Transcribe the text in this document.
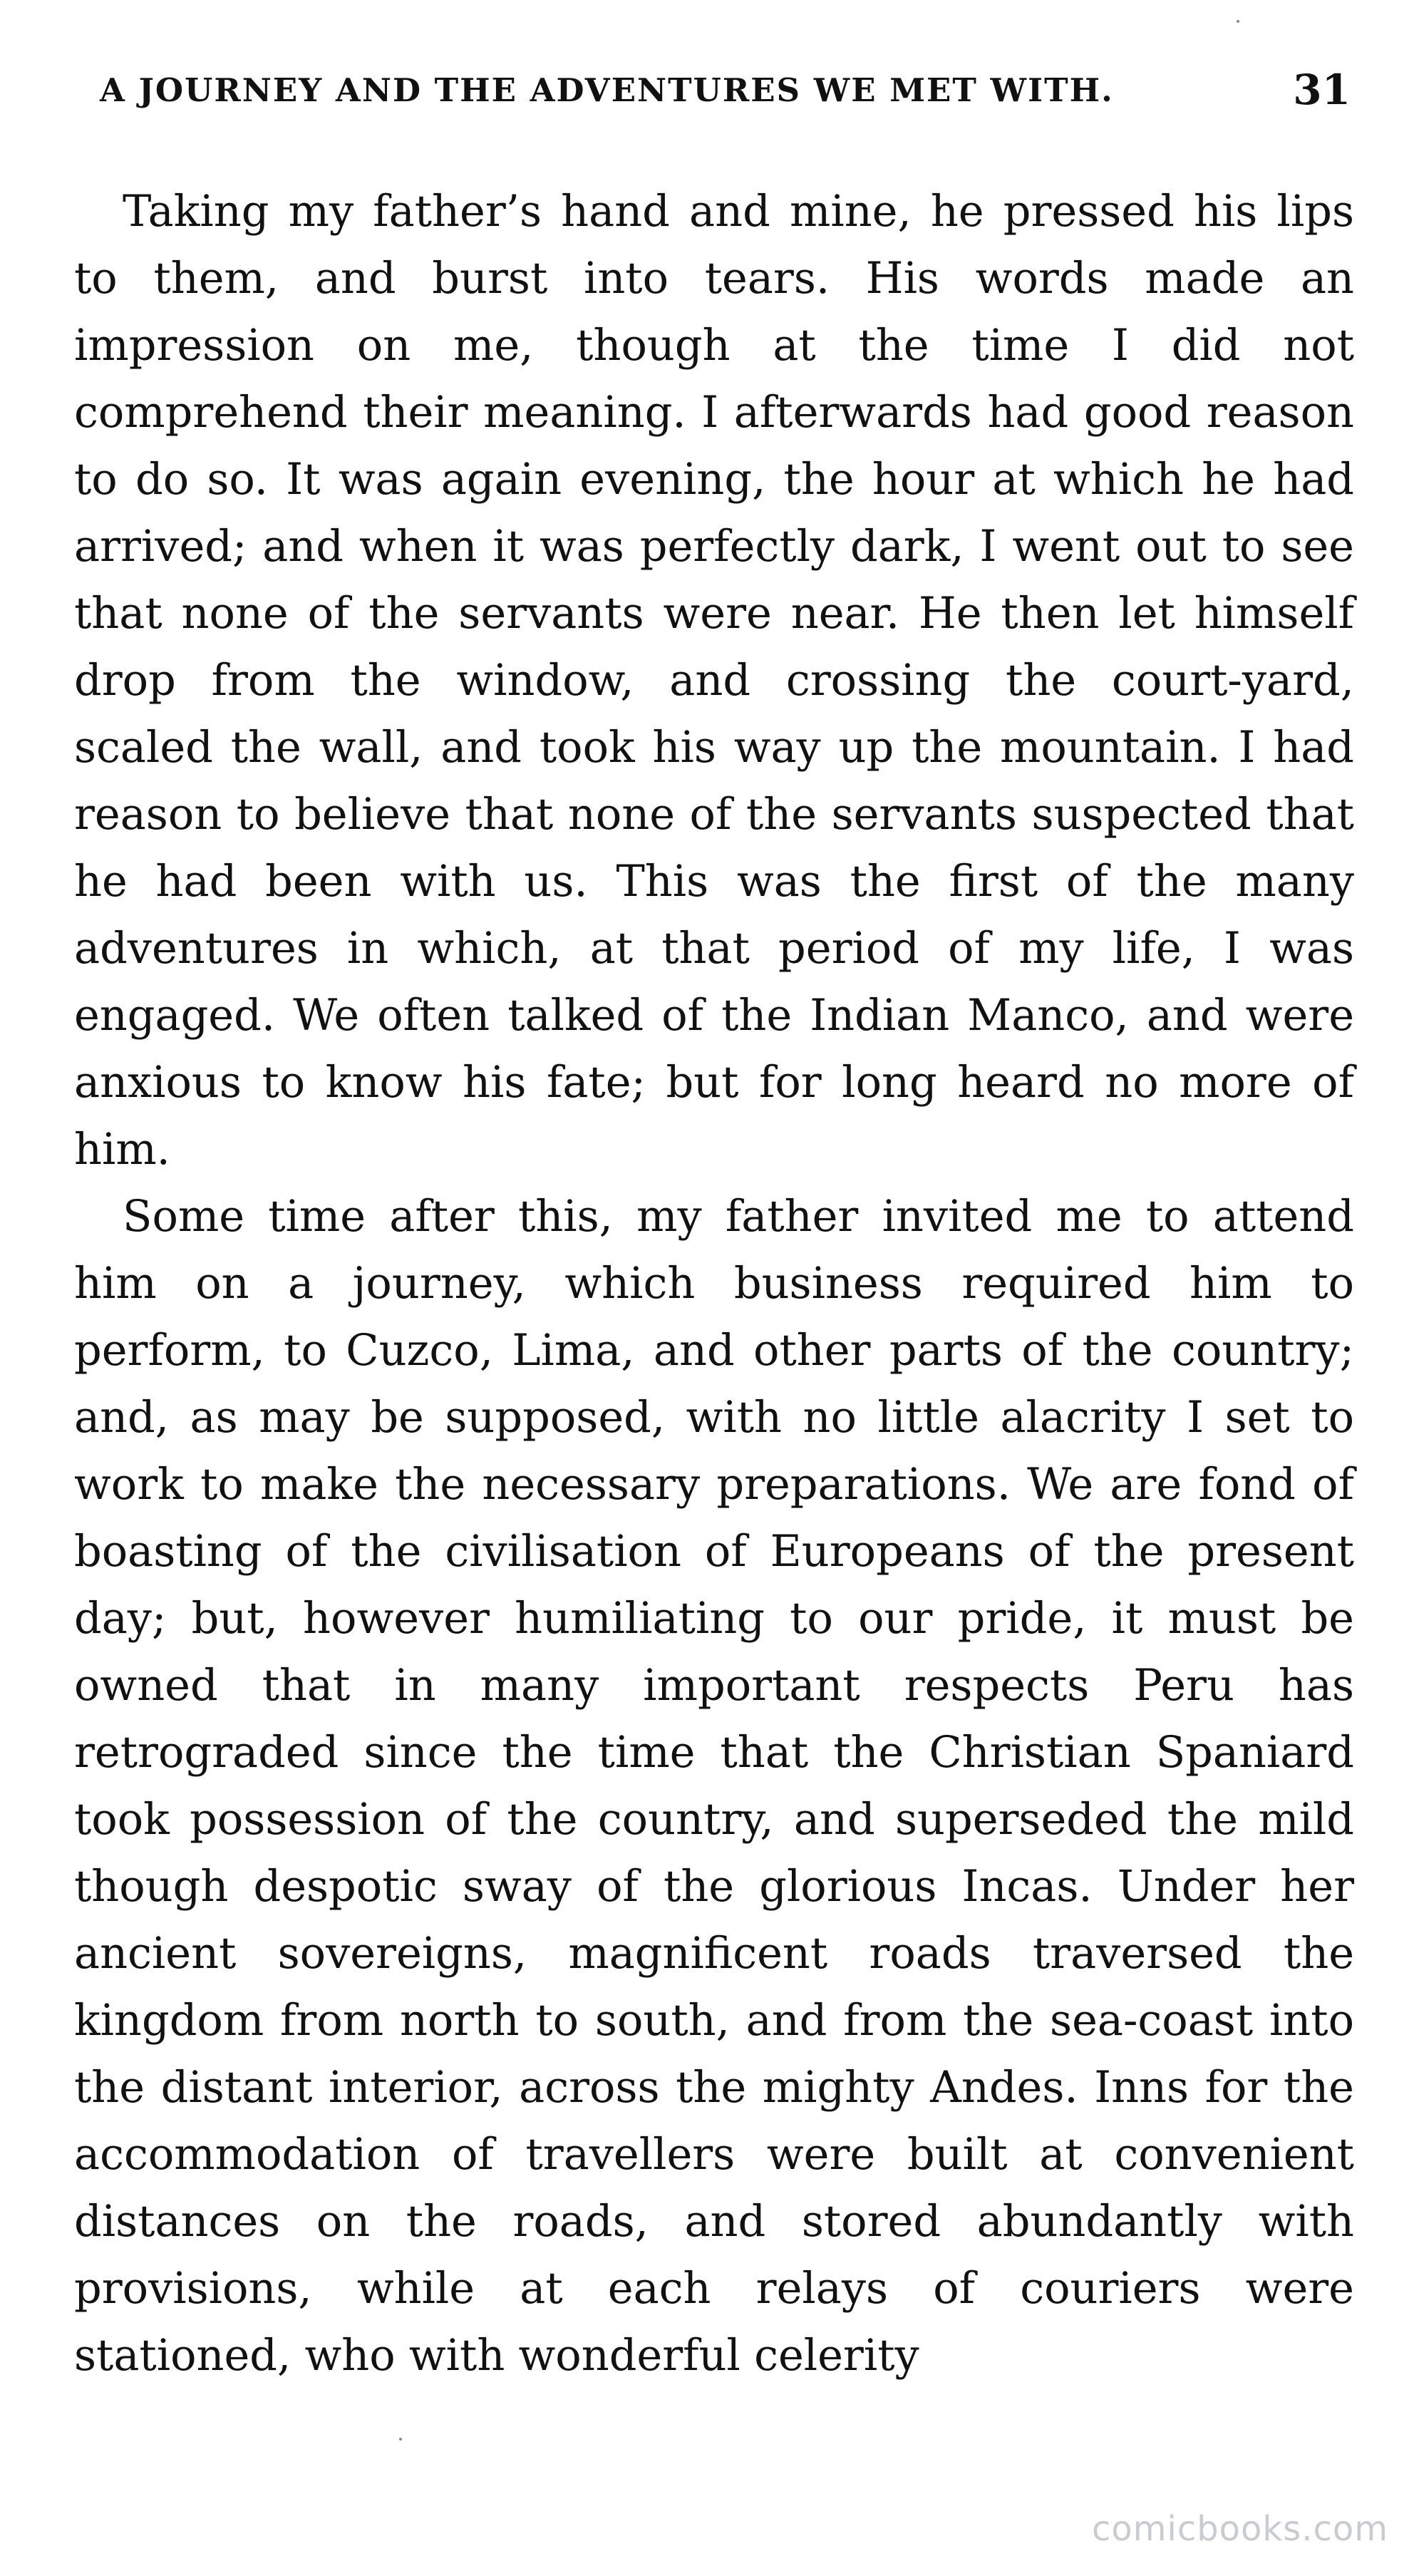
A JOURNEY AND THE ADVENTURES WE MET WITH.	31

Taking my father’s hand and mine, he pressed his lips to them, and burst into tears. His words made an impression on me, though at the time I did not comprehend their meaning. I afterwards had good reason to do so. It was again evening, the hour at which he had arrived; and when it was perfectly dark, I went out to see that none of the servants were near. He then let himself drop from the window, and crossing the court-yard, scaled the wall, and took his way up the mountain. I had reason to believe that none of the servants suspected that he had been with us. This was the first of the many adventures in which, at that period of my life, I was engaged. We often talked of the Indian Manco, and were anxious to know his fate; but for long heard no more of him.

Some time after this, my father invited me to attend him on a journey, which business required him to perform, to Cuzco, Lima, and other parts of the country; and, as may be supposed, with no little alacrity I set to work to make the necessary preparations. We are fond of boasting of the civilisation of Europeans of the present day; but, however humiliating to our pride, it must be owned that in many important respects Peru has retrograded since the time that the Christian Spaniard took possession of the country, and superseded the mild though despotic sway of the glorious Incas. Under her ancient sovereigns, magnificent roads traversed the kingdom from north to south, and from the sea-coast into the distant interior, across the mighty Andes. Inns for the accommodation of travellers were built at convenient distances on the roads, and stored abundantly with provisions, while at each relays of couriers were stationed, who with wonderful celerity

comicbooks.com
